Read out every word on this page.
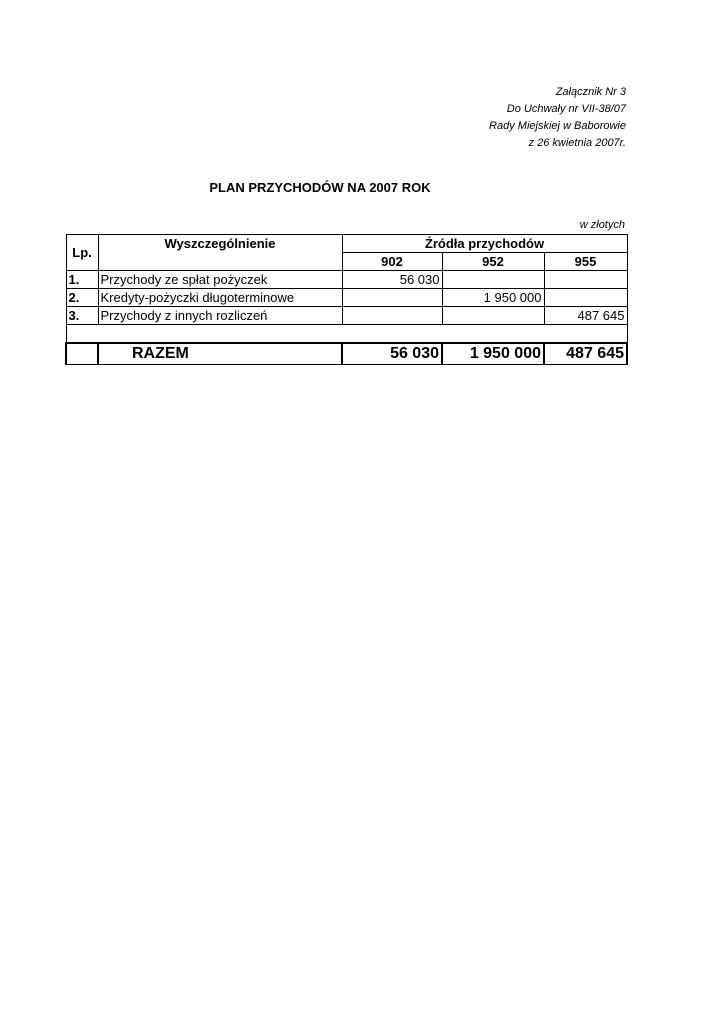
Załącznik Nr 3
Do Uchwały nr VII-38/07
Rady Miejskiej w Baborowie
z 26 kwietnia 2007r.
PLAN PRZYCHODÓW NA 2007 ROK
w złotych
Lp.	Wyszczególnienie	Źródła przychodów		
		902	952	955
1.	Przychody ze spłat pożyczek	56 030		
2.	Kredyty-pożyczki długoterminowe		1 950 000	
3.	Przychody z innych rozliczeń			487 645

	RAZEM	56 030	1 950 000	487 645
